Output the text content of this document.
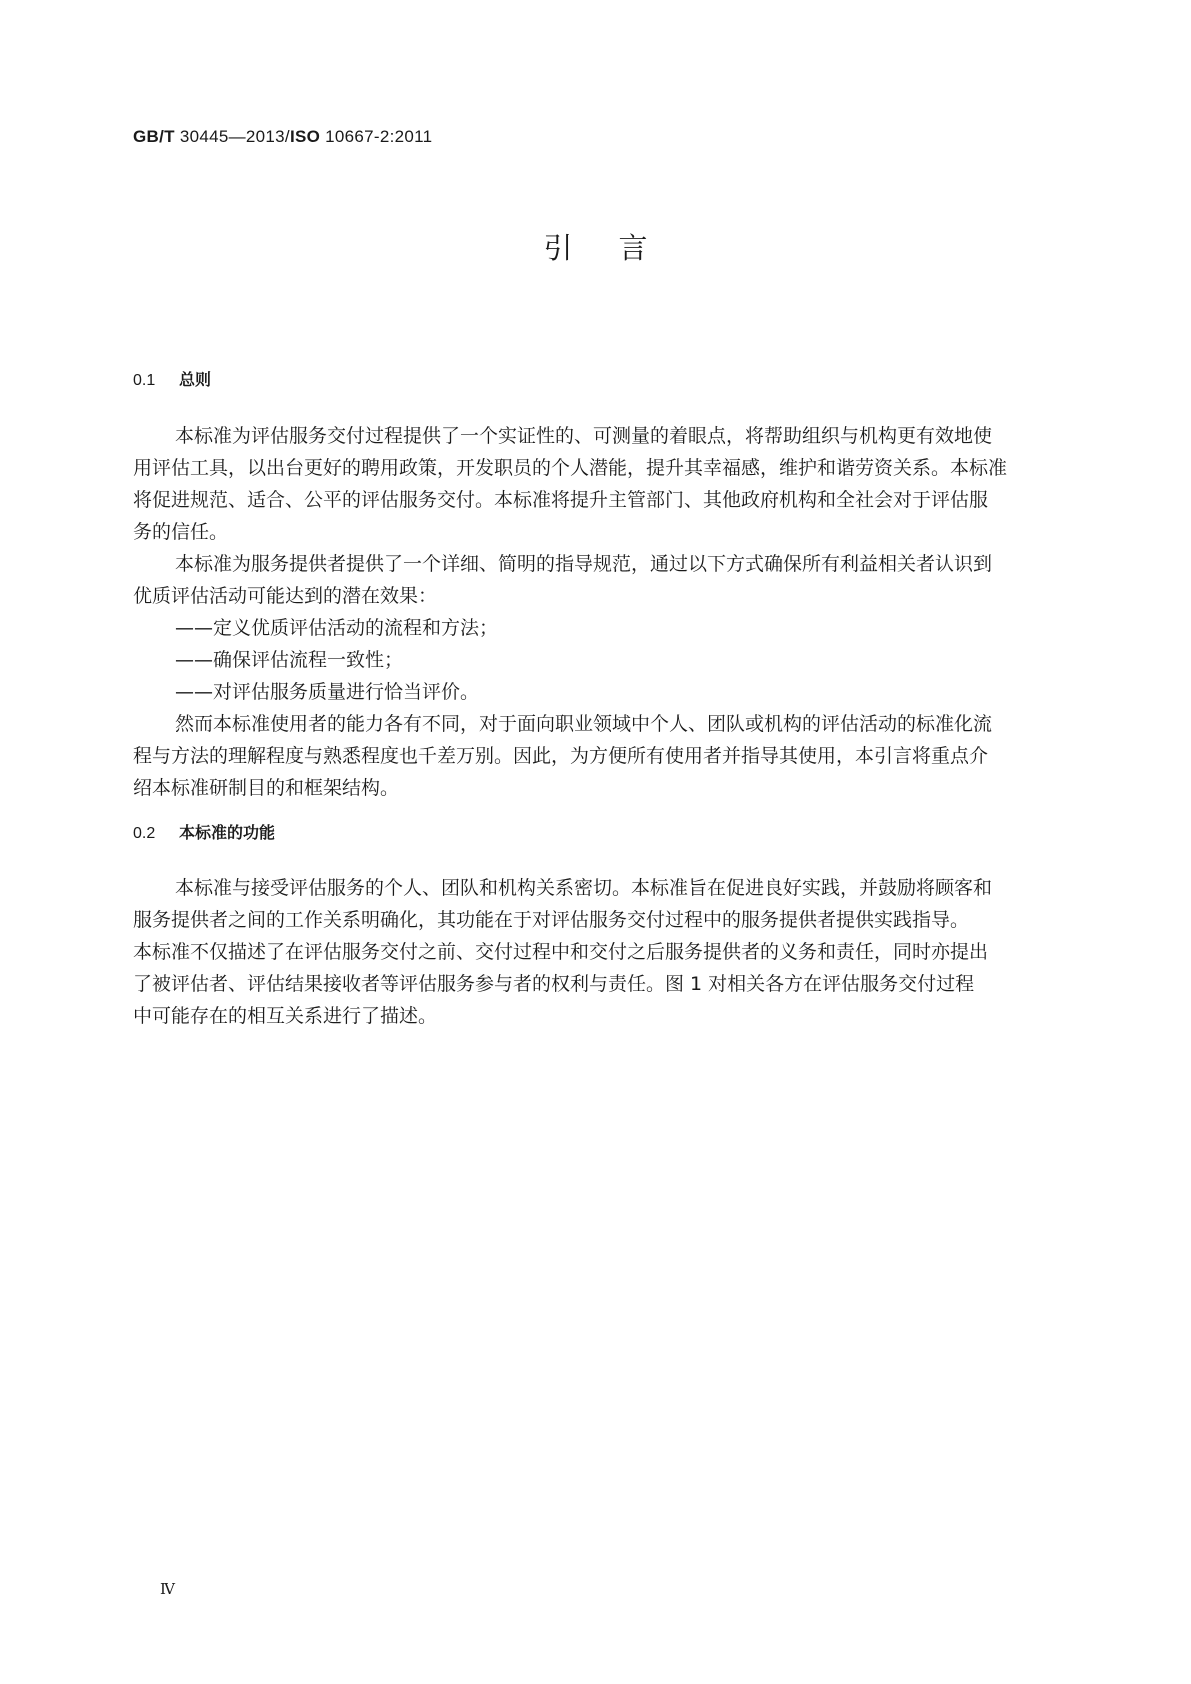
GB/T 30445—2013/ISO 10667-2:2011
引言
0.1 总则
本标准为评估服务交付过程提供了一个实证性的、可测量的着眼点，将帮助组织与机构更有效地使
用评估工具，以出台更好的聘用政策，开发职员的个人潜能，提升其幸福感，维护和谐劳资关系。本标准
将促进规范、适合、公平的评估服务交付。本标准将提升主管部门、其他政府机构和全社会对于评估服
务的信任。
本标准为服务提供者提供了一个详细、简明的指导规范，通过以下方式确保所有利益相关者认识到
优质评估活动可能达到的潜在效果：
——定义优质评估活动的流程和方法；
——确保评估流程一致性；
——对评估服务质量进行恰当评价。
然而本标准使用者的能力各有不同，对于面向职业领域中个人、团队或机构的评估活动的标准化流
程与方法的理解程度与熟悉程度也千差万别。因此，为方便所有使用者并指导其使用，本引言将重点介
绍本标准研制目的和框架结构。
0.2 本标准的功能
本标准与接受评估服务的个人、团队和机构关系密切。本标准旨在促进良好实践，并鼓励将顾客和
服务提供者之间的工作关系明确化，其功能在于对评估服务交付过程中的服务提供者提供实践指导。
本标准不仅描述了在评估服务交付之前、交付过程中和交付之后服务提供者的义务和责任，同时亦提出
了被评估者、评估结果接收者等评估服务参与者的权利与责任。图 1 对相关各方在评估服务交付过程
中可能存在的相互关系进行了描述。
Ⅳ
